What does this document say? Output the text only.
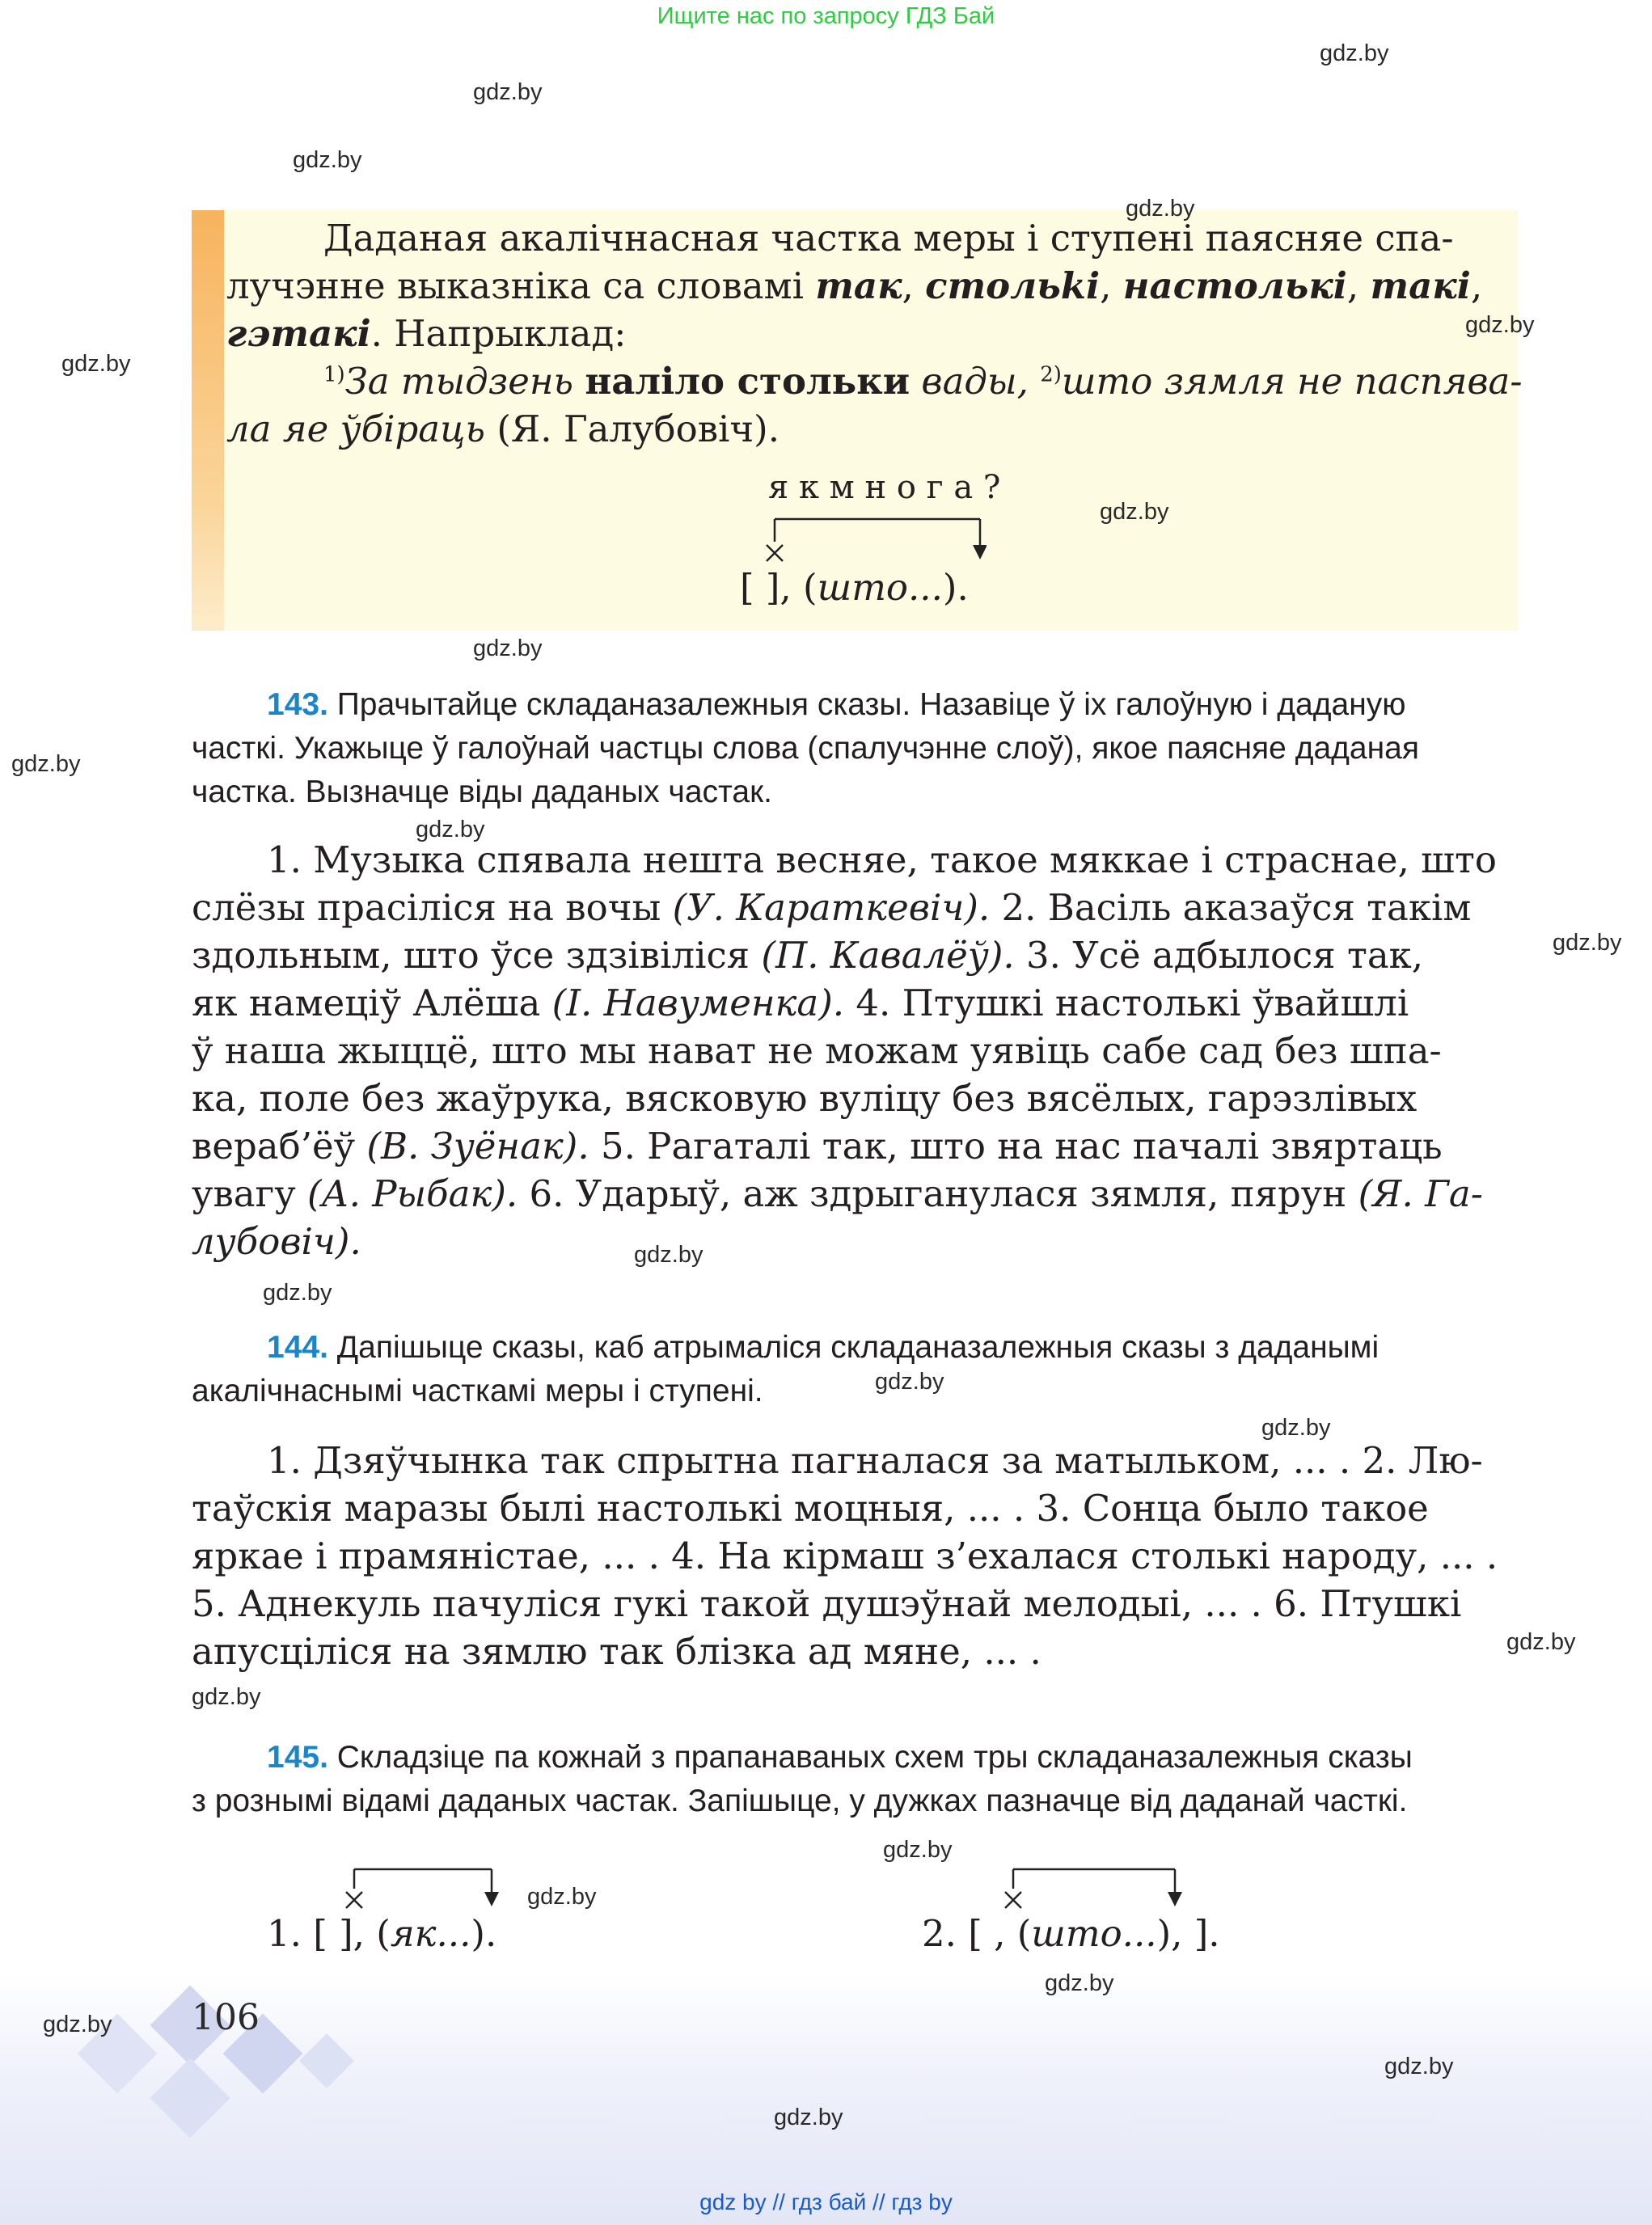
Ищите нас по запросу ГДЗ Бай
Даданая акалічнасная частка меры і ступені паясняе спа-
лучэнне выказніка са словамі так, стольki, настолькі, такі,
гэтакі. Напрыклад:
$^{1)}$За тыдзень наліло стольки вады, $^{2)}$што зямля не паспява-
ла яе ўбіраць (Я. Галубовіч).
я к м н о г а ?
[ ], (што...).
143. Прачытайце складаназалежныя сказы. Назавіце ў іх галоўную і даданую
часткі. Укажыце ў галоўнай частцы слова (спалучэнне слоў), якое паясняе даданая
частка. Вызначце віды даданых частак.
1. Музыка спявала нешта весняе, такое мяккае і страснае, што
слёзы прасіліся на вочы (У. Караткевіч). 2. Васіль аказаўся такім
здольным, што ўсе здзівіліся (П. Кавалёў). 3. Усё адбылося так,
як намеціў Алёша (І. Навуменка). 4. Птушкі настолькі ўвайшлі
ў наша жыццё, што мы нават не можам уявіць сабе сад без шпа-
ка, поле без жаўрука, вясковую вуліцу без вясёлых, гарэзлівых
вераб’ёў (В. Зуёнак). 5. Рагаталі так, што на нас пачалі звяртаць
увагу (А. Рыбак). 6. Ударыў, аж здрыганулася зямля, пярун (Я. Га-
лубовіч).
144. Дапішыце сказы, каб атрымаліся складаназалежныя сказы з даданымі
акалічнаснымі часткамі меры і ступені.
1. Дзяўчынка так спрытна пагналася за матыльком, ... . 2. Лю-
таўскія маразы былі настолькі моцныя, ... . 3. Сонца было такое
яркае і прамяністае, ... . 4. На кірмаш з’ехалася столькі народу, ... .
5. Аднекуль пачуліся гукі такой душэўнай мелодыі, ... . 6. Птушкі
апусціліся на зямлю так блізка ад мяне, ... .
145. Складзіце па кожнай з прапанаваных схем тры складаназалежныя сказы
з рознымі відамі даданых частак. Запішыце, у дужках пазначце від даданай часткі.
1. [ ], (як...).	2. [ , (што...), ].
106
gdz by // гдз бай // гдз by
gdz.by
gdz.by
gdz.by
gdz.by
gdz.by
gdz.by
gdz.by
gdz.by
gdz.by
gdz.by
gdz.by
gdz.by
gdz.by
gdz.by
gdz.by
gdz.by
gdz.by
gdz.by
gdz.by
gdz.by
gdz.by
gdz.by
gdz.by
